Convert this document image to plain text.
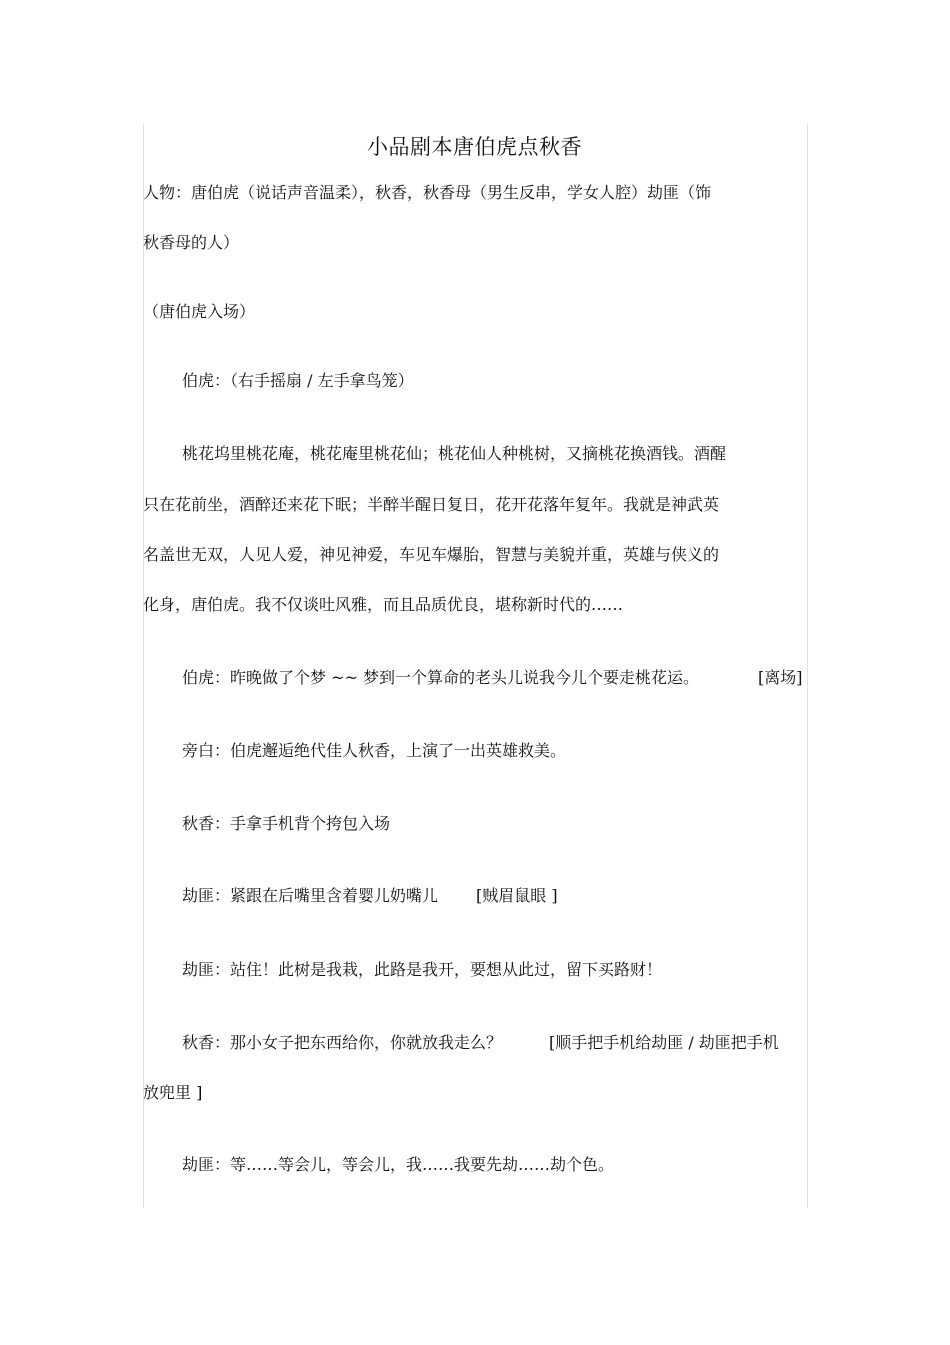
小品剧本唐伯虎点秋香

人物：唐伯虎（说话声音温柔），秋香，秋香母（男生反串，学女人腔）劫匪（饰

秋香母的人）

（唐伯虎入场）

伯虎：（右手摇扇 / 左手拿鸟笼）

桃花坞里桃花庵，桃花庵里桃花仙；桃花仙人种桃树，又摘桃花换酒钱。酒醒

只在花前坐，酒醉还来花下眠；半醉半醒日复日，花开花落年复年。我就是神武英

名盖世无双，人见人爱，神见神爱，车见车爆胎，智慧与美貌并重，英雄与侠义的

化身，唐伯虎。我不仅谈吐风雅，而且品质优良，堪称新时代的……

伯虎：昨晚做了个梦 ~~ 梦到一个算命的老头儿说我今儿个要走桃花运。	[离场]

旁白：伯虎邂逅绝代佳人秋香，上演了一出英雄救美。

秋香：手拿手机背个挎包入场

劫匪：紧跟在后嘴里含着婴儿奶嘴儿 [贼眉鼠眼 ]

劫匪：站住！此树是我栽，此路是我开，要想从此过，留下买路财！

秋香：那小女子把东西给你，你就放我走么？	[顺手把手机给劫匪 / 劫匪把手机

放兜里 ]

劫匪：等……等会儿，等会儿，我……我要先劫……劫个色。
